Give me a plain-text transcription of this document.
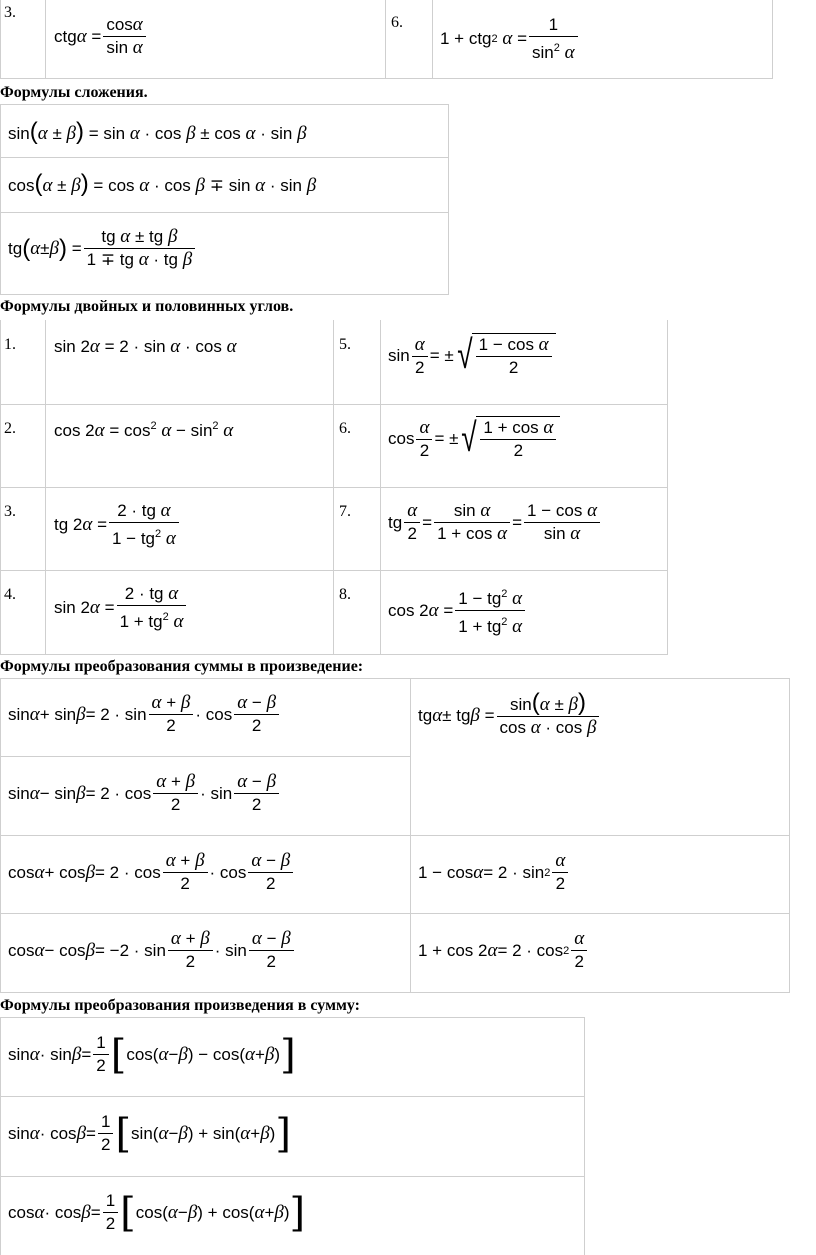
3.
6.
ctg $\alpha = \frac{\cos\alpha}{\text{sin α}}$	1 + ctg 2
$\alpha = \frac{1}{\sin^2 \alpha}$
Формулы сложения.
sin(α ± β) = sin α · cos β ± cos α · sin β
cos(α ± β) = cos α · cos β ∓ sin α · sin β
tg ( α ± β ) = $\frac{\text{tg α ± tg β}}{\text{1 ∓ tg α · tg β}}$
Формулы двойных и половинных углов.
1.
2.
3.
4.
5.
6.
7.
8.
sin 2α = 2 · sin α · cos α
$\cos 2\alpha = \cos^2 \alpha - \sin^2 \alpha$
tg 2 $\alpha = \frac{\text{2 · tg α}}{1 - tg^2 \alpha}$
sin 2 $\alpha = \frac{\text{2 · tg α}}{1 + tg^2 \alpha}$
$\sin \frac{\alpha}{2}$ = ± √ $\frac{\text{1 − cos α}}{2}$
$\cos \frac{\alpha}{2}$ = ± √ $\frac{\text{1 + cos α}}{2}$
tg $\frac{\alpha}{2} = \frac{\text{sin α}}{\text{1 + cos α}} = \frac{\text{1 − cos α}}{\text{sin α}}$
cos 2 $\alpha = \frac{1 - tg^2 \alpha}{1 + tg^2 \alpha}$
Формулы преобразования суммы в произведение:
$\sin \alpha + \sin \beta = 2 \cdot \sin \frac{\alpha + \beta}{2} \cdot \cos \frac{\alpha - \beta}{2}$
$\sin \alpha - \sin \beta = 2 \cdot \cos \frac{\alpha + \beta}{2} \cdot \sin \frac{\alpha - \beta}{2}$
$\cos \alpha + \cos \beta = 2 \cdot \cos \frac{\alpha + \beta}{2} \cdot \cos \frac{\alpha - \beta}{2}$
$\cos \alpha - \cos \beta = -2 \cdot \sin \frac{\alpha + \beta}{2} \cdot \sin \frac{\alpha - \beta}{2}$
tg α ± tg $\beta = \frac{\sin(\alpha \pm \beta)}{\text{cos α · cos β}}$
$1 - \cos \alpha = 2 \cdot \sin 2 \frac{\alpha}{2}$
1 + cos 2 $\alpha = 2 \cdot \cos 2 \frac{\alpha}{2}$
Формулы преобразования произведения в сумму:
$\sin \alpha \cdot \sin \beta = \frac{1}{2}$ [ cos( α − β ) − cos( α + β ) ]
$\sin \alpha \cdot \cos \beta = \frac{1}{2}$ [ sin( α − β ) + sin( α + β ) ]
$\cos \alpha \cdot \cos \beta = \frac{1}{2}$ [ cos( α − β ) + cos( α + β ) ]
